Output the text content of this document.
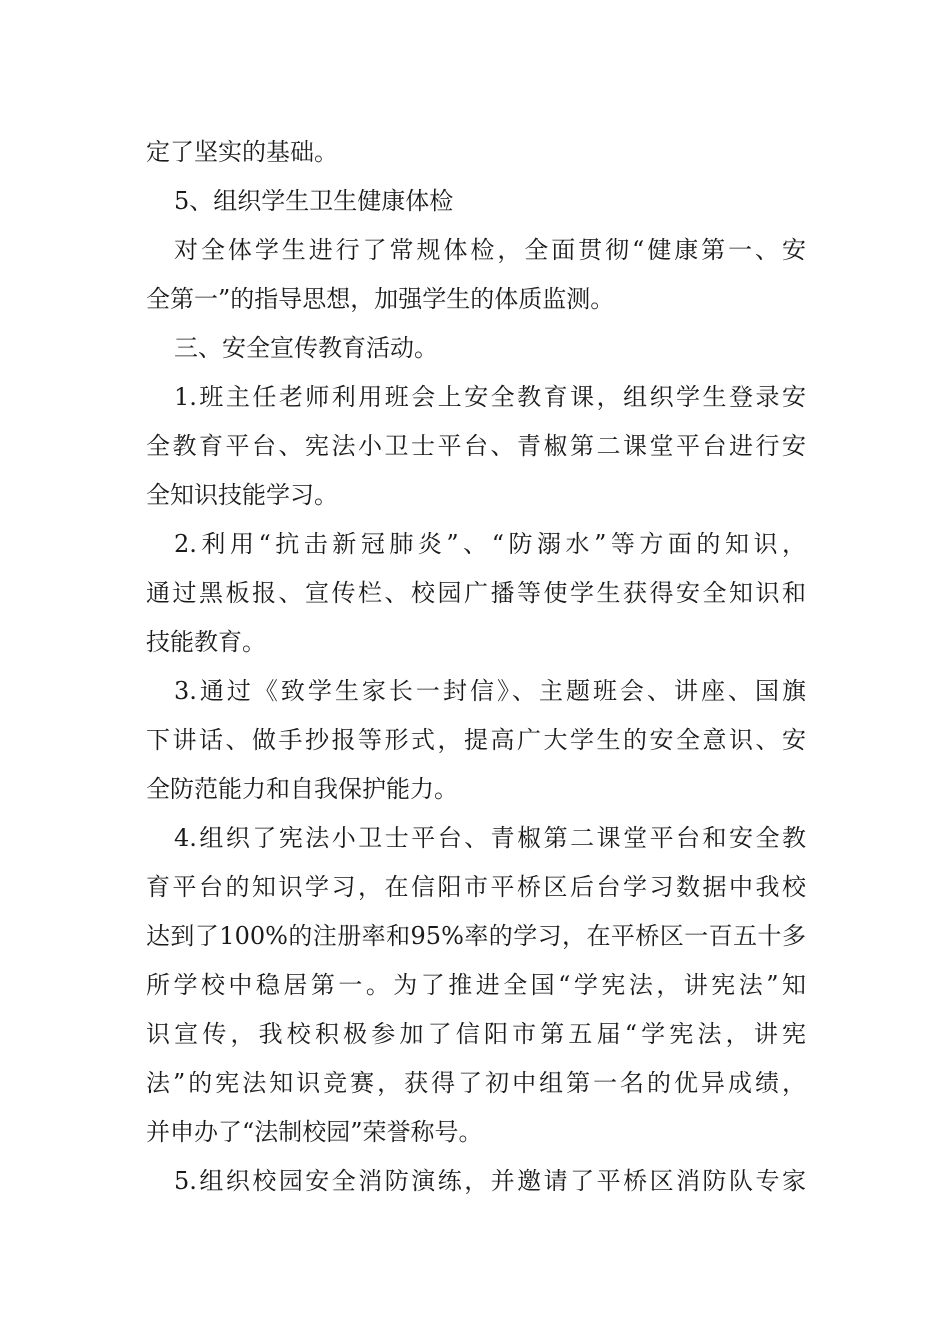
定了坚实的基础。
5、组织学生卫生健康体检
对全体学生进行了常规体检，全面贯彻“健康第一、安
全第一”的指导思想，加强学生的体质监测。
三、安全宣传教育活动。
1.班主任老师利用班会上安全教育课，组织学生登录安
全教育平台、宪法小卫士平台、青椒第二课堂平台进行安
全知识技能学习。
2.利用“抗击新冠肺炎”、“防溺水”等方面的知识，
通过黑板报、宣传栏、校园广播等使学生获得安全知识和
技能教育。
3.通过《致学生家长一封信》、主题班会、讲座、国旗
下讲话、做手抄报等形式，提高广大学生的安全意识、安
全防范能力和自我保护能力。
4.组织了宪法小卫士平台、青椒第二课堂平台和安全教
育平台的知识学习，在信阳市平桥区后台学习数据中我校
达到了100%的注册率和95%率的学习，在平桥区一百五十多
所学校中稳居第一。为了推进全国“学宪法，讲宪法”知
识宣传，我校积极参加了信阳市第五届“学宪法，讲宪
法”的宪法知识竞赛，获得了初中组第一名的优异成绩，
并申办了“法制校园”荣誉称号。
5.组织校园安全消防演练，并邀请了平桥区消防队专家
